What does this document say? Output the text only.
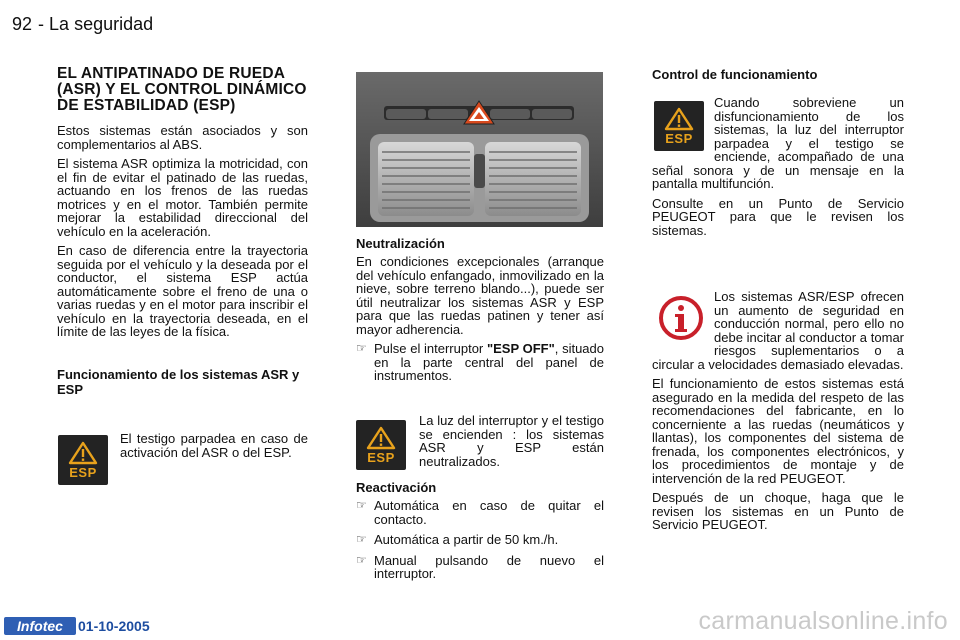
92 - La seguridad
EL ANTIPATINADO DE RUEDA (ASR) Y EL CONTROL DINÁMICO DE ESTABILIDAD (ESP)

Estos sistemas están asociados y son complementarios al ABS.

El sistema ASR optimiza la motricidad, con el fin de evitar el patinado de las ruedas, actuando en los frenos de las ruedas motrices y en el motor. También permite mejorar la estabilidad direccional del vehículo en la aceleración.

En caso de diferencia entre la trayectoria seguida por el vehículo y la deseada por el conductor, el sistema ESP actúa automáticamente sobre el freno de una o varias ruedas y en el motor para inscribir el vehículo en la trayectoria deseada, en el límite de las leyes de la física.

Funcionamiento de los sistemas ASR y ESP
ESP
El testigo parpadea en caso de activación del ASR o del ESP.
Neutralización

En condiciones excepcionales (arranque del vehículo enfangado, inmovilizado en la nieve, sobre terreno blando...), puede ser útil neutralizar los sistemas ASR y ESP para que las ruedas patinen y tener así mayor adherencia.

☞ Pulse el interruptor "ESP OFF", situado en la parte central del panel de instrumentos.
ESP
La luz del interruptor y el testigo se encienden : los sistemas ASR y ESP están neutralizados.
Reactivación
☞ Automática en caso de quitar el contacto.
☞ Automática a partir de 50 km./h.
☞ Manual pulsando de nuevo el interruptor.
Control de funcionamiento
ESP

Cuando sobreviene un disfuncionamiento de los sistemas, la luz del interruptor parpadea y el testigo se enciende, acompañado de una señal sonora y de un mensaje en la pantalla multifunción.

Consulte en un Punto de Servicio PEUGEOT para que le revisen los sistemas.

Los sistemas ASR/ESP ofrecen un aumento de seguridad en conducción normal, pero ello no debe incitar al conductor a tomar riesgos suplementarios o a circular a velocidades demasiado elevadas.

El funcionamiento de estos sistemas está asegurado en la medida del respeto de las recomendaciones del fabricante, en lo concerniente a las ruedas (neumáticos y llantas), los componentes del sistema de frenada, los componentes electrónicos, y los procedimientos de montaje y de intervención de la red PEUGEOT.

Después de un choque, haga que le revisen los sistemas en un Punto de Servicio PEUGEOT.

Infotec	01-10-2005	carmanualsonline.info
